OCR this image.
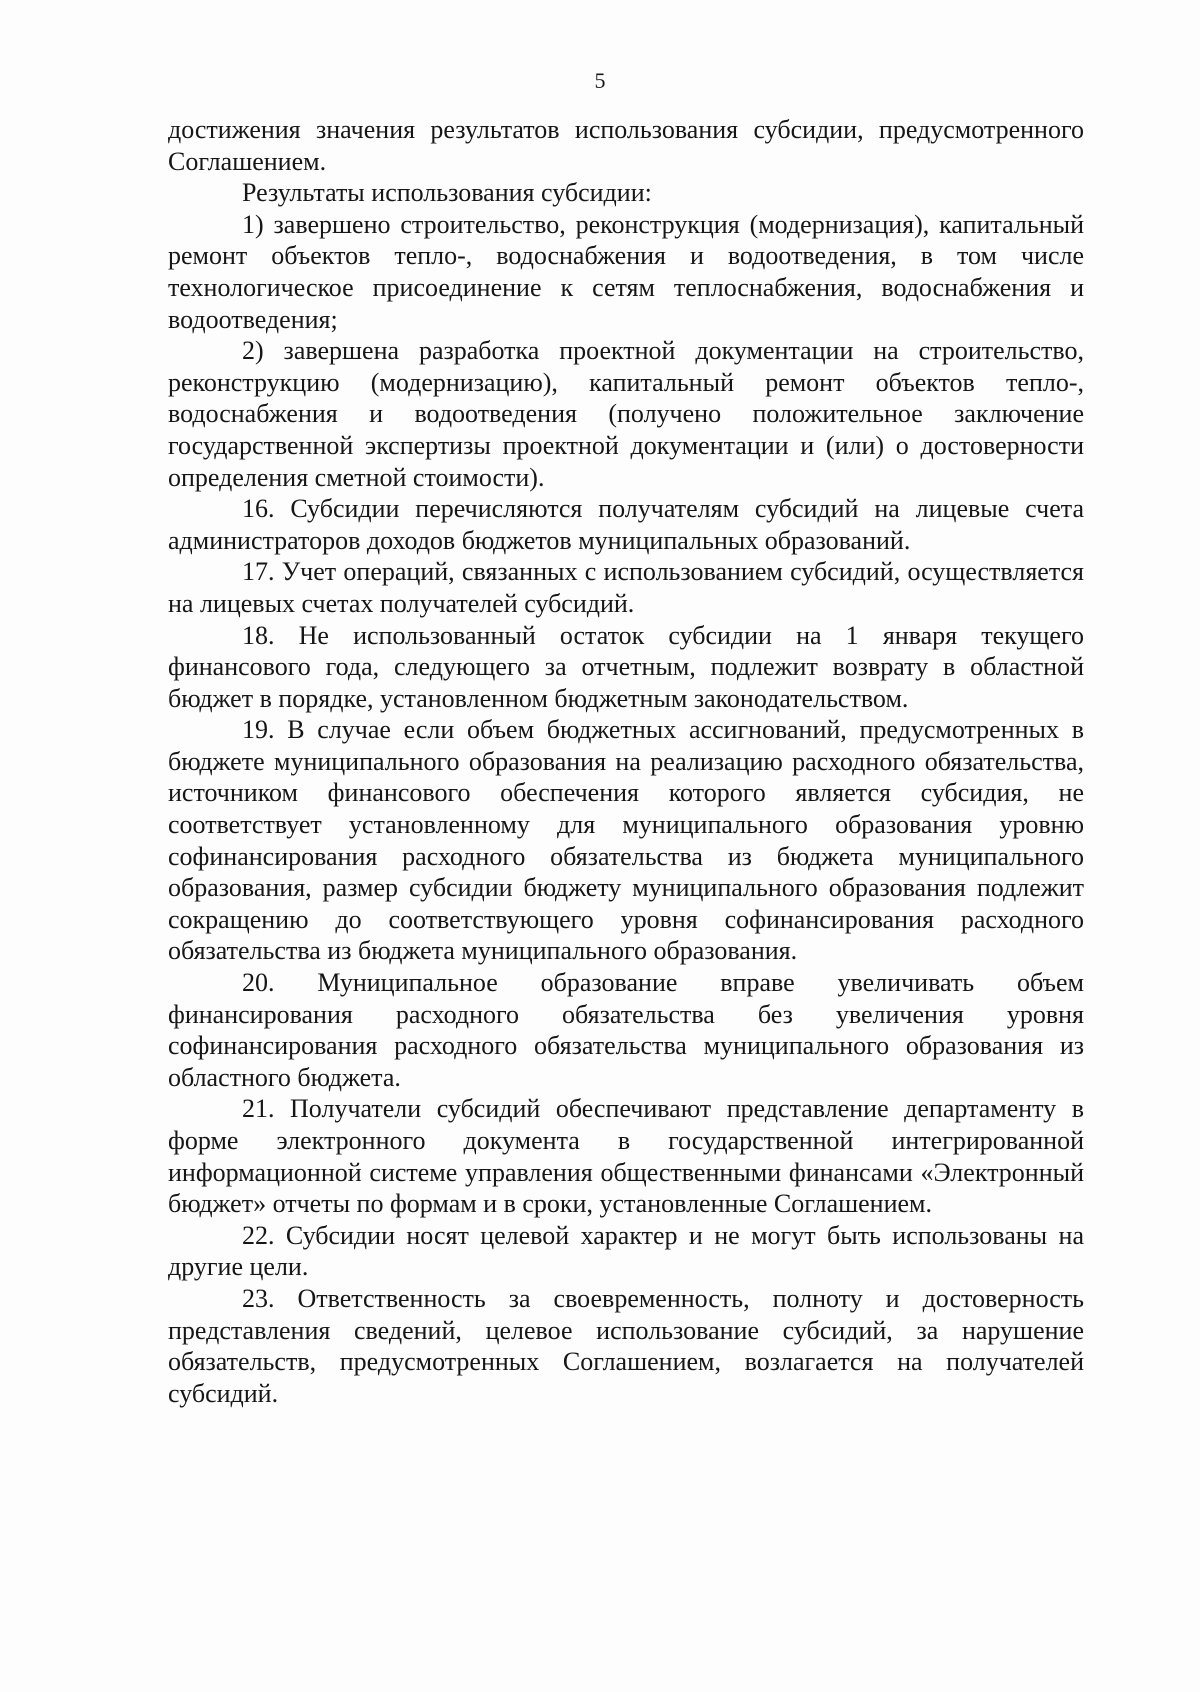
5

достижения значения результатов использования субсидии, предусмотренного Соглашением.

Результаты использования субсидии:

1) завершено строительство, реконструкция (модернизация), капитальный ремонт объектов тепло-, водоснабжения и водоотведения, в том числе технологическое присоединение к сетям теплоснабжения, водоснабжения и водоотведения;

2) завершена разработка проектной документации на строительство, реконструкцию (модернизацию), капитальный ремонт объектов тепло-, водоснабжения и водоотведения (получено положительное заключение государственной экспертизы проектной документации и (или) о достоверности определения сметной стоимости).

16. Субсидии перечисляются получателям субсидий на лицевые счета администраторов доходов бюджетов муниципальных образований.

17. Учет операций, связанных с использованием субсидий, осуществляется на лицевых счетах получателей субсидий.

18. Не использованный остаток субсидии на 1 января текущего финансового года, следующего за отчетным, подлежит возврату в областной бюджет в порядке, установленном бюджетным законодательством.

19. В случае если объем бюджетных ассигнований, предусмотренных в бюджете муниципального образования на реализацию расходного обязательства, источником финансового обеспечения которого является субсидия, не соответствует установленному для муниципального образования уровню софинансирования расходного обязательства из бюджета муниципального образования, размер субсидии бюджету муниципального образования подлежит сокращению до соответствующего уровня софинансирования расходного обязательства из бюджета муниципального образования.

20. Муниципальное образование вправе увеличивать объем финансирования расходного обязательства без увеличения уровня софинансирования расходного обязательства муниципального образования из областного бюджета.

21. Получатели субсидий обеспечивают представление департаменту в форме электронного документа в государственной интегрированной информационной системе управления общественными финансами «Электронный бюджет» отчеты по формам и в сроки, установленные Соглашением.

22. Субсидии носят целевой характер и не могут быть использованы на другие цели.

23. Ответственность за своевременность, полноту и достоверность представления сведений, целевое использование субсидий, за нарушение обязательств, предусмотренных Соглашением, возлагается на получателей субсидий.
